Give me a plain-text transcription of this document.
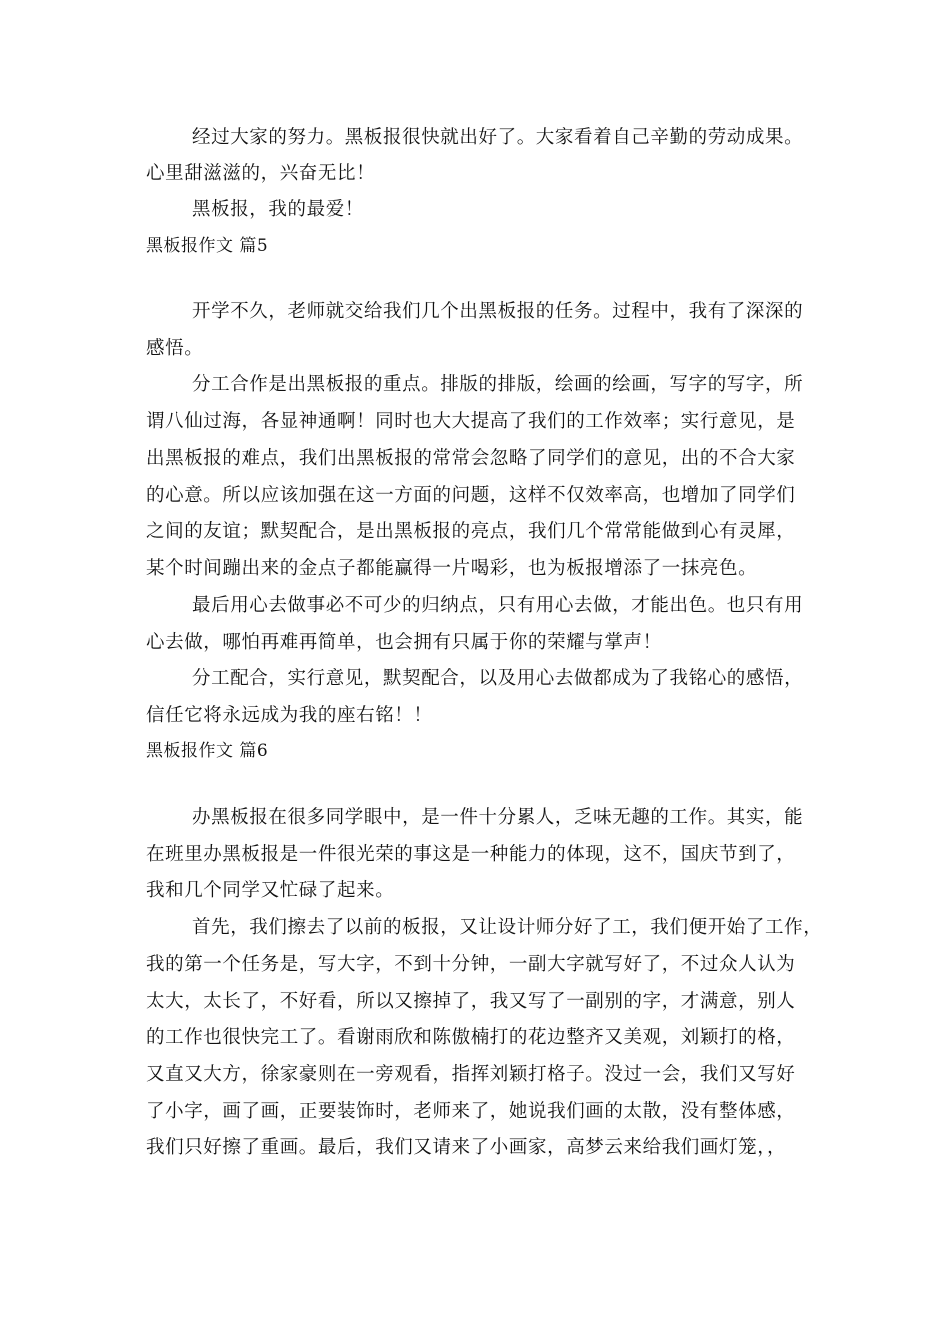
经过大家的努力。黑板报很快就出好了。大家看着自己辛勤的劳动成果。
心里甜滋滋的，兴奋无比！
黑板报，我的最爱！
黑板报作文 篇5
开学不久，老师就交给我们几个出黑板报的任务。过程中，我有了深深的
感悟。
分工合作是出黑板报的重点。排版的排版，绘画的绘画，写字的写字，所
谓八仙过海，各显神通啊！同时也大大提高了我们的工作效率；实行意见，是
出黑板报的难点，我们出黑板报的常常会忽略了同学们的意见，出的不合大家
的心意。所以应该加强在这一方面的问题，这样不仅效率高，也增加了同学们
之间的友谊；默契配合，是出黑板报的亮点，我们几个常常能做到心有灵犀，
某个时间蹦出来的金点子都能赢得一片喝彩，也为板报增添了一抹亮色。
最后用心去做事必不可少的归纳点，只有用心去做，才能出色。也只有用
心去做，哪怕再难再简单，也会拥有只属于你的荣耀与掌声！
分工配合，实行意见，默契配合，以及用心去做都成为了我铭心的感悟，
信任它将永远成为我的座右铭！！
黑板报作文 篇6
办黑板报在很多同学眼中，是一件十分累人，乏味无趣的工作。其实，能
在班里办黑板报是一件很光荣的事这是一种能力的体现，这不，国庆节到了，
我和几个同学又忙碌了起来。
首先，我们擦去了以前的板报，又让设计师分好了工，我们便开始了工作，
我的第一个任务是，写大字，不到十分钟，一副大字就写好了，不过众人认为
太大，太长了，不好看，所以又擦掉了，我又写了一副别的字，才满意，别人
的工作也很快完工了。看谢雨欣和陈傲楠打的花边整齐又美观，刘颖打的格，
又直又大方，徐家豪则在一旁观看，指挥刘颖打格子。没过一会，我们又写好
了小字，画了画，正要装饰时，老师来了，她说我们画的太散，没有整体感，
我们只好擦了重画。最后，我们又请来了小画家，高梦云来给我们画灯笼，，
